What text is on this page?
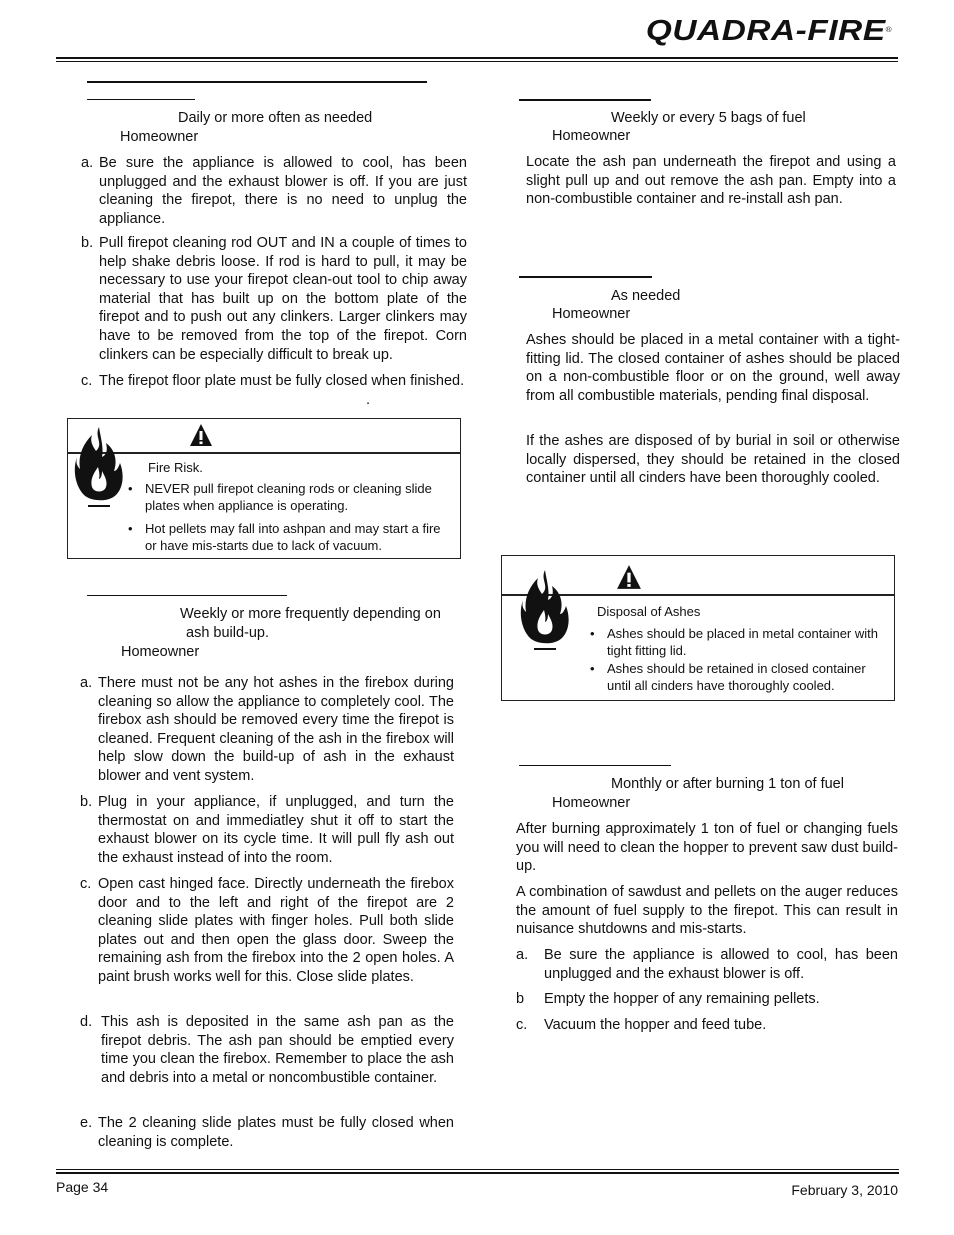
QUADRA-FIRE®
Daily or more often as needed
Homeowner
a. Be sure the appliance is allowed to cool, has been unplugged and the exhaust blower is off. If you are just cleaning the firepot, there is no need to unplug the appliance.
b. Pull firepot cleaning rod OUT and IN a couple of times to help shake debris loose. If rod is hard to pull, it may be necessary to use your firepot clean-out tool to chip away material that has built up on the bottom plate of the firepot and to push out any clinkers. Larger clinkers may have to be removed from the top of the firepot. Corn clinkers can be especially difficult to break up.
c. The firepot floor plate must be fully closed when finished.
.
Fire Risk.
• NEVER pull firepot cleaning rods or cleaning slide plates when appliance is operating.
• Hot pellets may fall into ashpan and may start a fire or have mis-starts due to lack of vacuum.
Weekly or more frequently depending on
ash build-up.
Homeowner
a. There must not be any hot ashes in the firebox during cleaning so allow the appliance to completely cool. The firebox ash should be removed every time the firepot is cleaned. Frequent cleaning of the ash in the firebox will help slow down the build-up of ash in the exhaust blower and vent system.
b. Plug in your appliance, if unplugged, and turn the thermostat on and immediatley shut it off to start the exhaust blower on its cycle time. It will pull fly ash out the exhaust instead of into the room.
c. Open cast hinged face. Directly underneath the firebox door and to the left and right of the firepot are 2 cleaning slide plates with finger holes. Pull both slide plates out and then open the glass door. Sweep the remaining ash from the firebox into the 2 open holes. A paint brush works well for this. Close slide plates.
d. This ash is deposited in the same ash pan as the firepot debris. The ash pan should be emptied every time you clean the firebox. Remember to place the ash and debris into a metal or noncombustible container.
e. The 2 cleaning slide plates must be fully closed when cleaning is complete.
Weekly or every 5 bags of fuel
Homeowner
Locate the ash pan underneath the firepot and using a slight pull up and out remove the ash pan. Empty into a non-combustible container and re-install ash pan.
As needed
Homeowner
Ashes should be placed in a metal container with a tight-fitting lid. The closed container of ashes should be placed on a non-combustible floor or on the ground, well away from all combustible materials, pending final disposal.
If the ashes are disposed of by burial in soil or otherwise locally dispersed, they should be retained in the closed container until all cinders have been thoroughly cooled.
Disposal of Ashes
• Ashes should be placed in metal container with tight fitting lid.
• Ashes should be retained in closed container until all cinders have thoroughly cooled.
Monthly or after burning 1 ton of fuel
Homeowner
After burning approximately 1 ton of fuel or changing fuels you will need to clean the hopper to prevent saw dust build-up.
A combination of sawdust and pellets on the auger reduces the amount of fuel supply to the firepot. This can result in nuisance shutdowns and mis-starts.
a. Be sure the appliance is allowed to cool, has been unplugged and the exhaust blower is off.
b Empty the hopper of any remaining pellets.
c. Vacuum the hopper and feed tube.
Page 34	February 3, 2010
